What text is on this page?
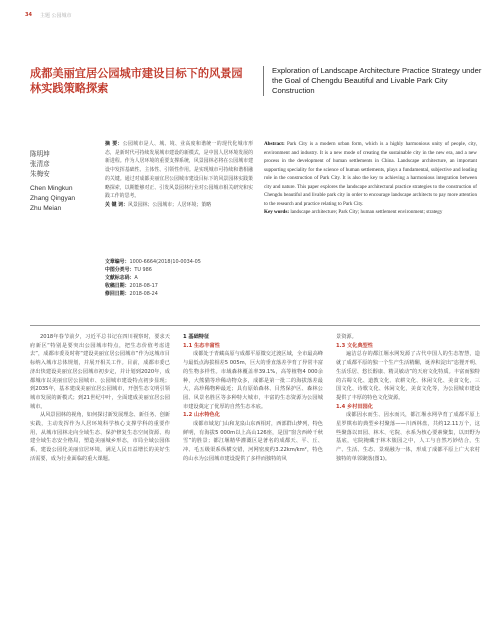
34 主题 公园城市
成都美丽宜居公园城市建设目标下的风景园林实践策略探索
Exploration of Landscape Architecture Practice Strategy under the Goal of Chengdu Beautiful and Livable Park City Construction
陈明坤
张清彦
朱梅安
Chen Mingkun
Zhang Qingyan
Zhu Meian
摘 要：公园城市是人、城、境、业高度和谐统一的现代化城市形态，是新时代可持续发展城市建设的新模式，是中国人居环境发展的新进程。作为人居环境的重要支撑系统，风景园林必将在公园城市建设中发挥基础性、主体性、引领性作用。是实现城市可持续和谐相融的关键。通过对成都美丽宜居公园城市建设目标下的风景园林实践策略探索，以期能够对正、引发风景园林行业对公园城市相关研究和实践工作的思考。
关 键 词：风景园林；公园城市；人居环境；策略
文章编号：1000-6664(2018)10-0034-05
中图分类号：TU 986
文献标志码：A
收稿日期：2018-08-17
修回日期：2018-08-24
Abstract: Park City is a modern urban form, which is a highly harmonious unity of people, city, environment and industry. It is a new mode of creating the sustainable city in the new era, and a new process in the development of human settlements in China. Landscape architecture, an important supporting speciality for the science of human settlements, plays a fundamental, subjective and leading role in the construction of Park City. It is also the key to achieving a harmonious integration between city and nature. This paper explores the landscape architectural practice strategies to the construction of Chengdu beautiful and livable park city in order to encourage landscape architects to pay more attention to the research and practice relating to Park City.
Key words: landscape architecture; Park City; human settlement environment; strategy

2018年春节前夕，习近平总书记在四川视察时，要求天府新区“特别是要突出公园城市特点，把生态价值考虑进去”，成都市委及时将“建设美丽宜居公园城市”作为这城市目标纳入城市总体规划，并展开相关工作。目前，成都市委已济出快建设美丽宜居公园城市初步定，并计划到2020年，成都城市以美丽宜居公园城市、公园城市建设特点初步显现；到2035年，基本建成美丽宜居公园城市，开创生态文明引领城市发展的新模式；到21世纪中叶，全面建成美丽宜居公园城市。

从风景园林的视角，如何探讨新发展理念、新任务、创新实践，主动发挥作为人居环境科学核心支撑学科的重要作用，从城市园林走向全域生态、保护修复生态空间资源、构建全域生态安全格局，塑造美丽城乡形态，市局全域公园体系，建设公园化美丽宜居环境，满足人民日益增长的美好生活需要，成为行业面临的重大课题。

1 基础特征

1.1 生态丰富性

成都处于青藏高原与成都平原微交过渡区域，全市最高峰与最低点海拔相差5 005m，巨大的垂直落差孕育了异常丰富的生物多样性。市域森林覆盖率39.1%，高等植物4 000余种，大熊猫等珍稀动物众多，成都是第一批二的海拔落差最大，高珍稀物种最近；具有原始森林、目然保护区、森林公园、风景名胜区等多种特大城市，丰富的生态资源为公园城市建设奠定了优厚的自然生态本底。

1.2 山水特色化

成都市域龙门山和龙泉山东西相对，西部群山梦列，特色鲜明，有海拔5 000m以上高山126座，是国“窗含西岭千秋雪”的胜景；都江堰精华灌溉区是著名的成都天、平、丘、冲、毛五级渠系纵横交错，河网密度约3.22km/km²，特色的山水为公园城市建设提供了多样而独特的风

景资源。

1.3 文化典型性

遍洁总存的都江堰水网发源了古代中国人的生态智慧，造就了成都平原的独一个生产生活精酮，诞养积淀出“恣狸开明、生活乐居、悠长醇康、精灵敏动”的天府文化特质。丰富而独特的古蜀文化、道教文化、农耕文化、休闲文化、美食文化、三国文化、诗歌文化、休闲文化，美食文化等，为公园城市建设提供了丰厚的特色文化资源。

1.4 乡村田园化

成都因水而生、因水而兴，都江堰水网孕育了成都平原上星罗棋布的典型乡村聚落——川西林盘，共约12.11万个，这些聚落以田园、林木、宅院、水系为核心要素聚集，以田野为基底，宅院掩藏于林木簇园之中，人工与自然巧妙结合，生产、生活、生态、景观融为一体，形成了成都平原上广大农村独特的单邻聚落(图1)。
